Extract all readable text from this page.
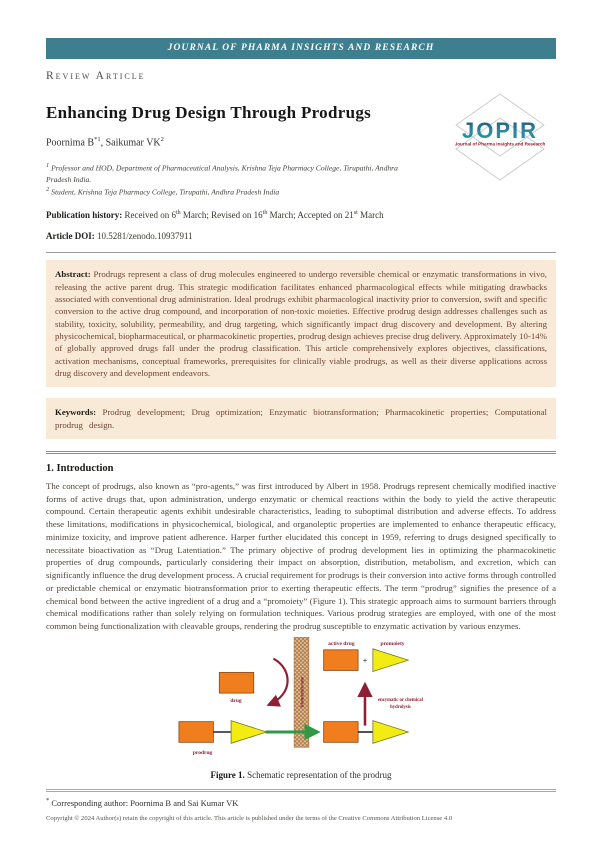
JOPIR
Journal of Pharma Insights and Research
JOURNAL OF PHARMA INSIGHTS AND RESEARCH
Review Article
Enhancing Drug Design Through Prodrugs
Poornima $B^{*1}$, Saikumar $VK^2$
$^1$ Professor and HOD, Department of Pharmaceutical Analysis, Krishna Teja Pharmacy College, Tirupathi, Andhra Pradesh India.
$^2$ Student, Krishna Teja Pharmacy College, Tirupathi, Andhra Pradesh India
Publication history: Received on 6th March; Revised on 16th March; Accepted on 21st March
Article DOI: 10.5281/zenodo.10937911
Abstract: Prodrugs represent a class of drug molecules engineered to undergo reversible chemical or enzymatic transformations in vivo, releasing the active parent drug. This strategic modification facilitates enhanced pharmacological effects while mitigating drawbacks associated with conventional drug administration. Ideal prodrugs exhibit pharmacological inactivity prior to conversion, swift and specific conversion to the active drug compound, and incorporation of non-toxic moieties. Effective prodrug design addresses challenges such as stability, toxicity, solubility, permeability, and drug targeting, which significantly impact drug discovery and development. By altering physicochemical, biopharmaceutical, or pharmacokinetic properties, prodrug design achieves precise drug delivery. Approximately 10-14% of globally approved drugs fall under the prodrug classification. This article comprehensively explores objectives, classifications, activation mechanisms, conceptual frameworks, prerequisites for clinically viable prodrugs, as well as their diverse applications across drug discovery and development endeavors.
Keywords: Prodrug development; Drug optimization; Enzymatic biotransformation; Pharmacokinetic properties; Computational prodrug design.
1. Introduction

The concept of prodrugs, also known as “pro-agents,” was first introduced by Albert in 1958. Prodrugs represent chemically modified inactive forms of active drugs that, upon administration, undergo enzymatic or chemical reactions within the body to yield the active therapeutic compound. Certain therapeutic agents exhibit undesirable characteristics, leading to suboptimal distribution and adverse effects. To address these limitations, modifications in physicochemical, biological, and organoleptic properties are implemented to enhance therapeutic efficacy, minimize toxicity, and improve patient adherence. Harper further elucidated this concept in 1959, referring to drugs designed specifically to necessitate bioactivation as “Drug Latentiation.” The primary objective of prodrug development lies in optimizing the pharmacokinetic properties of drug compounds, particularly considering their impact on absorption, distribution, metabolism, and excretion, which can significantly influence the drug development process. A crucial requirement for prodrugs is their conversion into active forms through controlled or predictable chemical or enzymatic biotransformation prior to exerting therapeutic effects. The term “prodrug” signifies the presence of a chemical bond between the active ingredient of a drug and a “promoiety” (Figure 1). This strategic approach aims to surmount barriers through chemical modifications rather than solely relying on formulation techniques. Various prodrug strategies are employed, with one of the most common being functionalization with cleavable groups, rendering the prodrug susceptible to enzymatic activation by various enzymes.

biomembrane
active drug	promoiety
+
enzymatic or chemical
hydrolysis
prodrug
drug
Figure 1. Schematic representation of the prodrug
* Corresponding author: Poornima B and Sai Kumar VK
Copyright © 2024 Author(s) retain the copyright of this article. This article is published under the terms of the Creative Commons Attribution License 4.0
